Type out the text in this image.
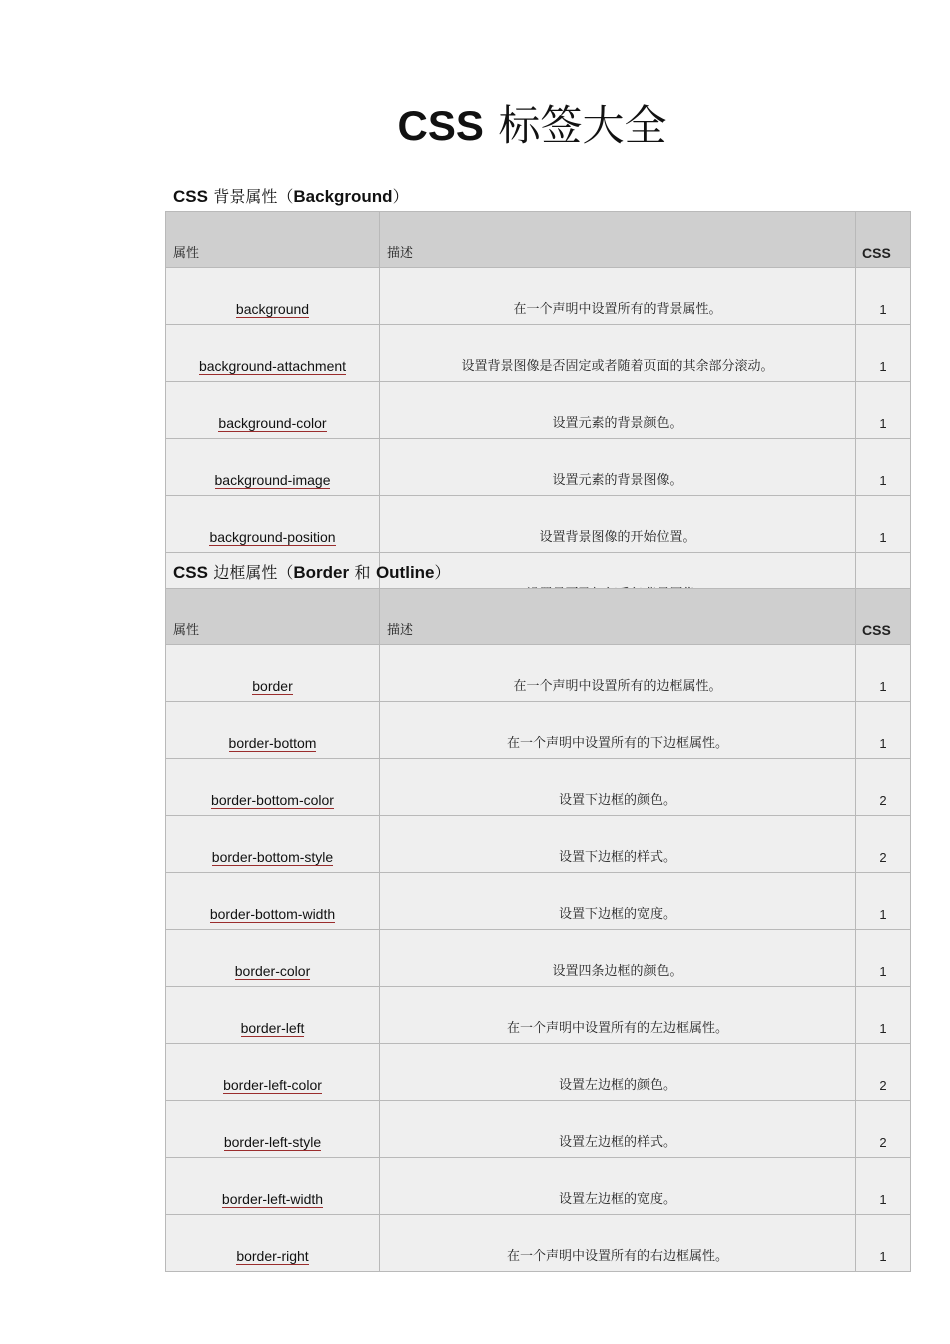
CSS 标签大全
CSS 背景属性（Background）
属性	描述	CSS
background	在一个声明中设置所有的背景属性。	1
background-attachment	设置背景图像是否固定或者随着页面的其余部分滚动。	1
background-color	设置元素的背景颜色。	1
background-image	设置元素的背景图像。	1
background-position	设置背景图像的开始位置。	1

CSS 边框属性（Border 和 Outline）
属性	描述	CSS
border	在一个声明中设置所有的边框属性。	1
border-bottom	在一个声明中设置所有的下边框属性。	1
border-bottom-color	设置下边框的颜色。	2
border-bottom-style	设置下边框的样式。	2
border-bottom-width	设置下边框的宽度。	1
border-color	设置四条边框的颜色。	1
border-left	在一个声明中设置所有的左边框属性。	1
border-left-color	设置左边框的颜色。	2
border-left-style	设置左边框的样式。	2
border-left-width	设置左边框的宽度。	1
border-right	在一个声明中设置所有的右边框属性。	1
